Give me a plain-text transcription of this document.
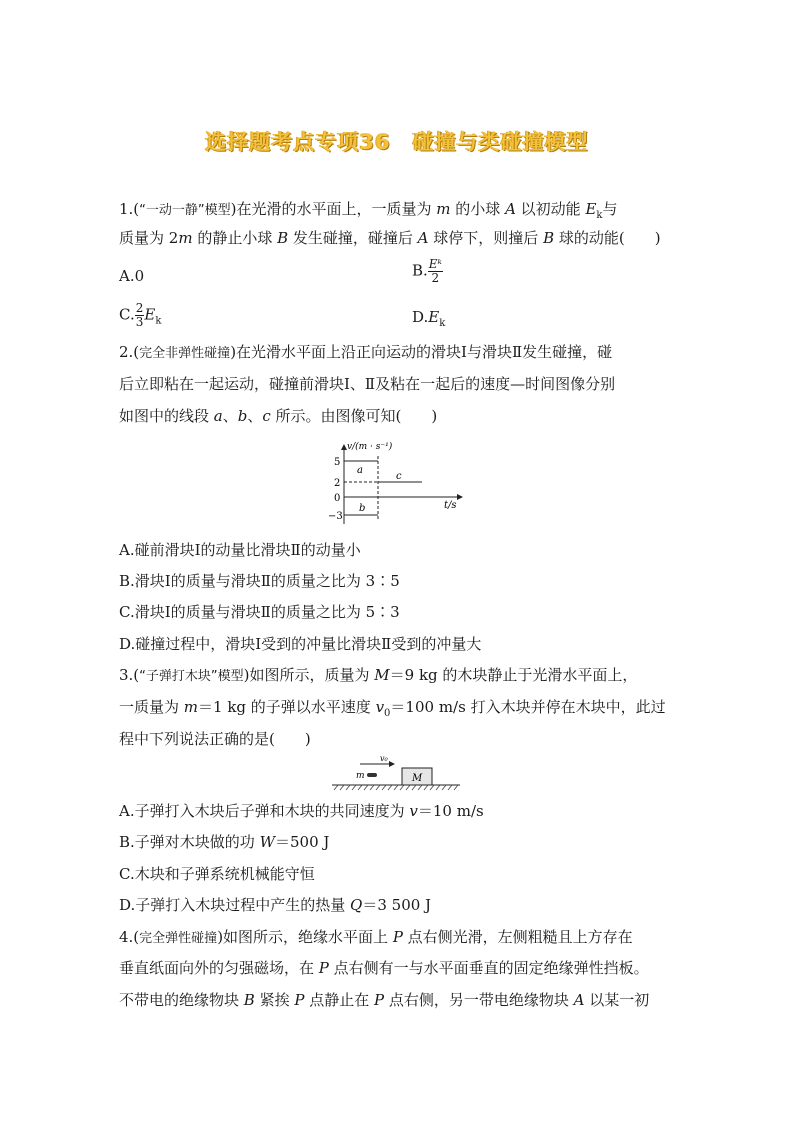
选择题考点专项36 碰撞与类碰撞模型
1.(“一动一静”模型)在光滑的水平面上，一质量为 m 的小球 A 以初动能 $E_k$与
质量为 2m 的静止小球 B 发生碰撞，碰撞后 A 球停下，则撞后 B 球的动能(　　)
A.0	B. $\frac{\text{Eᵏ}}{2}$
C. $\frac{2}{3} E_k$	$D.E_k$
2.(完全非弹性碰撞)在光滑水平面上沿正向运动的滑块Ⅰ与滑块Ⅱ发生碰撞，碰
后立即粘在一起运动，碰撞前滑块Ⅰ、Ⅱ及粘在一起后的速度—时间图像分别
如图中的线段 a、b、c 所示。由图像可知(　　)
v/(m · s⁻¹)
t/s
5
2
0
−3
a
b
c
A.碰前滑块Ⅰ的动量比滑块Ⅱ的动量小
B.滑块Ⅰ的质量与滑块Ⅱ的质量之比为 3∶5
C.滑块Ⅰ的质量与滑块Ⅱ的质量之比为 5∶3
D.碰撞过程中，滑块Ⅰ受到的冲量比滑块Ⅱ受到的冲量大
3.(“子弹打木块”模型)如图所示，质量为 M＝9 kg 的木块静止于光滑水平面上，
一质量为 m＝1 kg 的子弹以水平速度 $v_0=100$ m/s 打入木块并停在木块中，此过
程中下列说法正确的是(　　)
v₀
m	M
A.子弹打入木块后子弹和木块的共同速度为 v＝10 m/s
B.子弹对木块做的功 W＝500 J
C.木块和子弹系统机械能守恒
D.子弹打入木块过程中产生的热量 Q＝3 500 J
4.(完全弹性碰撞)如图所示，绝缘水平面上 P 点右侧光滑，左侧粗糙且上方存在
垂直纸面向外的匀强磁场，在 P 点右侧有一与水平面垂直的固定绝缘弹性挡板。
不带电的绝缘物块 B 紧挨 P 点静止在 P 点右侧，另一带电绝缘物块 A 以某一初
